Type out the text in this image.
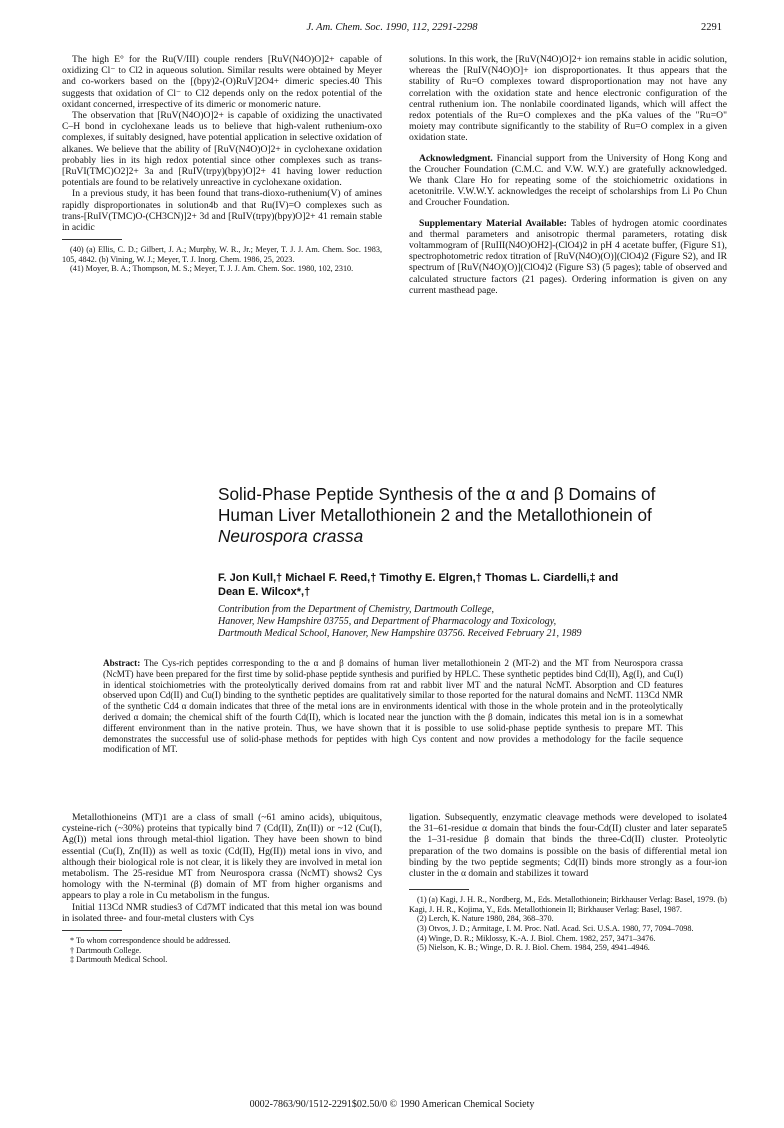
J. Am. Chem. Soc. 1990, 112, 2291-2298	2291

The high E° for the Ru(V/III) couple renders [RuV(N4O)O]2+ capable of oxidizing Cl⁻ to Cl2 in aqueous solution. Similar results were obtained by Meyer and co-workers based on the [(bpy)2-(O)RuV]2O4+ dimeric species.40 This suggests that oxidation of Cl⁻ to Cl2 depends only on the redox potential of the oxidant concerned, irrespective of its dimeric or monomeric nature.

The observation that [RuV(N4O)O]2+ is capable of oxidizing the unactivated C–H bond in cyclohexane leads us to believe that high-valent ruthenium-oxo complexes, if suitably designed, have potential application in selective oxidation of alkanes. We believe that the ability of [RuV(N4O)O]2+ in cyclohexane oxidation probably lies in its high redox potential since other complexes such as trans-[RuVI(TMC)O2]2+ 3a and [RuIV(trpy)(bpy)O]2+ 41 having lower reduction potentials are found to be relatively unreactive in cyclohexane oxidation.

In a previous study, it has been found that trans-dioxo-ruthenium(V) of amines rapidly disproportionates in solution4b and that Ru(IV)=O complexes such as trans-[RuIV(TMC)O-(CH3CN)]2+ 3d and [RuIV(trpy)(bpy)O]2+ 41 remain stable in acidic

(40) (a) Ellis, C. D.; Gilbert, J. A.; Murphy, W. R., Jr.; Meyer, T. J. J. Am. Chem. Soc. 1983, 105, 4842. (b) Vining, W. J.; Meyer, T. J. Inorg. Chem. 1986, 25, 2023.

(41) Moyer, B. A.; Thompson, M. S.; Meyer, T. J. J. Am. Chem. Soc. 1980, 102, 2310.

solutions. In this work, the [RuV(N4O)O]2+ ion remains stable in acidic solution, whereas the [RuIV(N4O)O]+ ion disproportionates. It thus appears that the stability of Ru=O complexes toward disproportionation may not have any correlation with the oxidation state and hence electronic configuration of the central ruthenium ion. The nonlabile coordinated ligands, which will affect the redox potentials of the Ru=O complexes and the pKa values of the "Ru=O" moiety may contribute significantly to the stability of Ru=O complex in a given oxidation state.

Acknowledgment. Financial support from the University of Hong Kong and the Croucher Foundation (C.M.C. and V.W. W.Y.) are gratefully acknowledged. We thank Clare Ho for repeating some of the stoichiometric oxidations in acetonitrile. V.W.W.Y. acknowledges the receipt of scholarships from Li Po Chun and Croucher Foundation.

Supplementary Material Available: Tables of hydrogen atomic coordinates and thermal parameters and anisotropic thermal parameters, rotating disk voltammogram of [RuIII(N4O)OH2]-(ClO4)2 in pH 4 acetate buffer, (Figure S1), spectrophotometric redox titration of [RuV(N4O)(O)](ClO4)2 (Figure S2), and IR spectrum of [RuV(N4O)(O)](ClO4)2 (Figure S3) (5 pages); table of observed and calculated structure factors (21 pages). Ordering information is given on any current masthead page.

Solid-Phase Peptide Synthesis of the α and β Domains of
Human Liver Metallothionein 2 and the Metallothionein of
Neurospora crassa
F. Jon Kull,† Michael F. Reed,† Timothy E. Elgren,† Thomas L. Ciardelli,‡ and
Dean E. Wilcox*,†
Contribution from the Department of Chemistry, Dartmouth College,
Hanover, New Hampshire 03755, and Department of Pharmacology and Toxicology,
Dartmouth Medical School, Hanover, New Hampshire 03756. Received February 21, 1989
Abstract: The Cys-rich peptides corresponding to the α and β domains of human liver metallothionein 2 (MT-2) and the MT from Neurospora crassa (NcMT) have been prepared for the first time by solid-phase peptide synthesis and purified by HPLC. These synthetic peptides bind Cd(II), Ag(I), and Cu(I) in identical stoichiometries with the proteolytically derived domains from rat and rabbit liver MT and the natural NcMT. Absorption and CD features observed upon Cd(II) and Cu(I) binding to the synthetic peptides are qualitatively similar to those reported for the natural domains and NcMT. 113Cd NMR of the synthetic Cd4 α domain indicates that three of the metal ions are in environments identical with those in the whole protein and in the proteolytically derived α domain; the chemical shift of the fourth Cd(II), which is located near the junction with the β domain, indicates this metal ion is in a somewhat different environment than in the native protein. Thus, we have shown that it is possible to use solid-phase peptide synthesis to prepare MT. This demonstrates the successful use of solid-phase methods for peptides with high Cys content and now provides a methodology for the facile sequence modification of MT.

Metallothioneins (MT)1 are a class of small (~61 amino acids), ubiquitous, cysteine-rich (~30%) proteins that typically bind 7 (Cd(II), Zn(II)) or ~12 (Cu(I), Ag(I)) metal ions through metal-thiol ligation. They have been shown to bind essential (Cu(I), Zn(II)) as well as toxic (Cd(II), Hg(II)) metal ions in vivo, and although their biological role is not clear, it is likely they are involved in metal ion metabolism. The 25-residue MT from Neurospora crassa (NcMT) shows2 Cys homology with the N-terminal (β) domain of MT from higher organisms and appears to play a role in Cu metabolism in the fungus.

Initial 113Cd NMR studies3 of Cd7MT indicated that this metal ion was bound in isolated three- and four-metal clusters with Cys

* To whom correspondence should be addressed.

† Dartmouth College.

‡ Dartmouth Medical School.

ligation. Subsequently, enzymatic cleavage methods were developed to isolate4 the 31–61-residue α domain that binds the four-Cd(II) cluster and later separate5 the 1–31-residue β domain that binds the three-Cd(II) cluster. Proteolytic preparation of the two domains is possible on the basis of differential metal ion binding by the two peptide segments; Cd(II) binds more strongly as a four-ion cluster in the α domain and stabilizes it toward

(1) (a) Kagi, J. H. R., Nordberg, M., Eds. Metallothionein; Birkhauser Verlag: Basel, 1979. (b) Kagi, J. H. R., Kojima, Y., Eds. Metallothionein II; Birkhauser Verlag: Basel, 1987.

(2) Lerch, K. Nature 1980, 284, 368–370.

(3) Otvos, J. D.; Armitage, I. M. Proc. Natl. Acad. Sci. U.S.A. 1980, 77, 7094–7098.

(4) Winge, D. R.; Miklossy, K.-A. J. Biol. Chem. 1982, 257, 3471–3476.

(5) Nielson, K. B.; Winge, D. R. J. Biol. Chem. 1984, 259, 4941–4946.

0002-7863/90/1512-2291$02.50/0 © 1990 American Chemical Society
